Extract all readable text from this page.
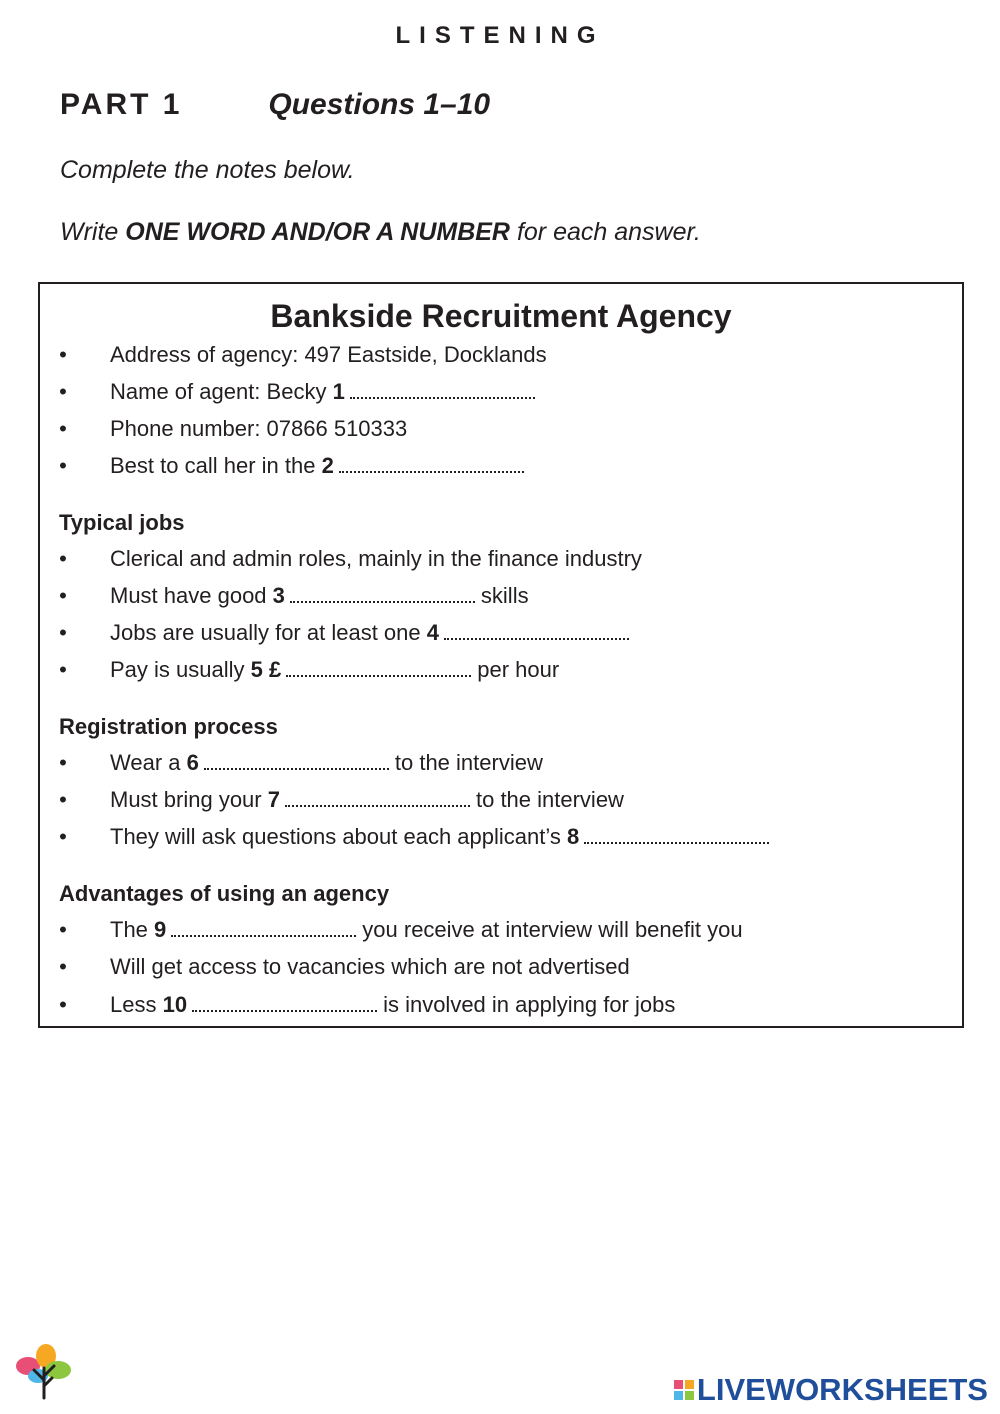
LISTENING
PART 1	Questions 1–10
Complete the notes below.
Write ONE WORD AND/OR A NUMBER for each answer.
Bankside Recruitment Agency
• Address of agency: 497 Eastside, Docklands
• Name of agent: Becky 1
• Phone number: 07866 510333
• Best to call her in the 2
Typical jobs
• Clerical and admin roles, mainly in the finance industry
• Must have good 3	skills
• Jobs are usually for at least one 4
• Pay is usually 5 £	per hour
Registration process
• Wear a 6	to the interview
• Must bring your 7	to the interview
• They will ask questions about each applicant’s 8
Advantages of using an agency
• The 9	you receive at interview will benefit you
• Will get access to vacancies which are not advertised
• Less 10	is involved in applying for jobs
LIVEWORKSHEETS
